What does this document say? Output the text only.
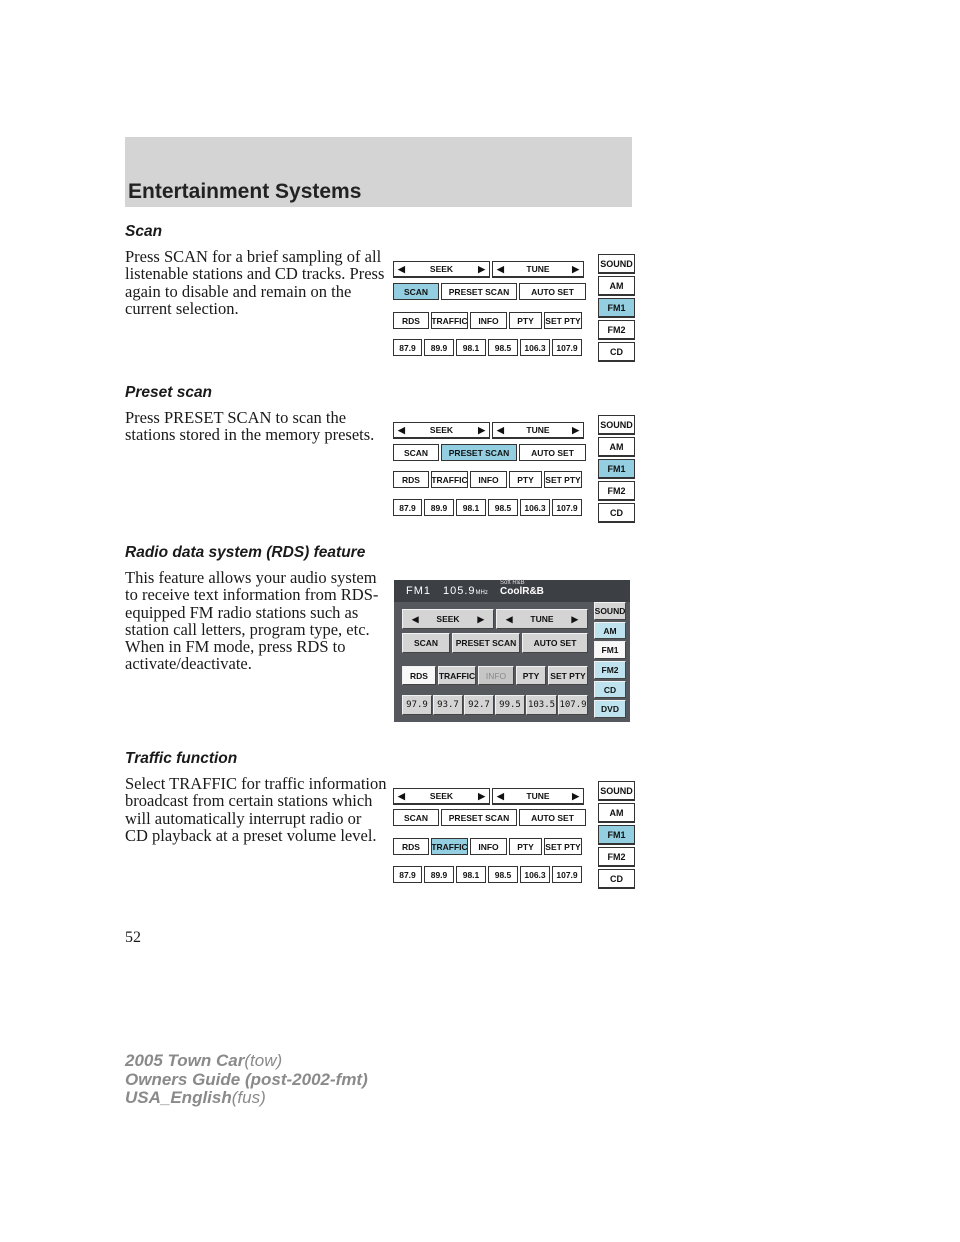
Entertainment Systems
Scan
Press SCAN for a brief sampling of all listenable stations and CD tracks. Press again to disable and remain on the current selection.
Preset scan
Press PRESET SCAN to scan the stations stored in the memory presets.
Radio data system (RDS) feature
This feature allows your audio system to receive text information from RDS-equipped FM radio stations such as station call letters, program type, etc. When in FM mode, press RDS to activate/deactivate.
Traffic function
Select TRAFFIC for traffic information broadcast from certain stations which will automatically interrupt radio or CD playback at a preset volume level.
◀	SEEK	▶ ◀	TUNE	▶
SCAN	PRESET SCAN	AUTO SET
RDS	TRAFFIC	INFO	PTY	SET PTY
87.9	89.9	98.1	98.5	106.3	107.9
SOUND
AM
FM1
FM2
CD
◀	SEEK	▶ ◀	TUNE	▶
SCAN	PRESET SCAN	AUTO SET
RDS	TRAFFIC	INFO	PTY	SET PTY
87.9	89.9	98.1	98.5	106.3	107.9
SOUND
AM
FM1
FM2
CD
FM1 105.9MHz
Soft R&B
CoolR&B
◀ SEEK ▶	◀ TUNE ▶
SCAN	PRESET SCAN	AUTO SET
RDS	TRAFFIC	INFO	PTY	SET PTY
97.9	93.7	92.7	99.5 103.5 107.9
SOUND
AM
FM1
FM2
CD
DVD
◀	SEEK	▶ ◀	TUNE	▶
SCAN	PRESET SCAN	AUTO SET
RDS	TRAFFIC	INFO	PTY	SET PTY
87.9	89.9	98.1	98.5	106.3	107.9
SOUND
AM
FM1
FM2
CD
52
2005 Town Car(tow)
Owners Guide (post-2002-fmt)
USA_English(fus)
